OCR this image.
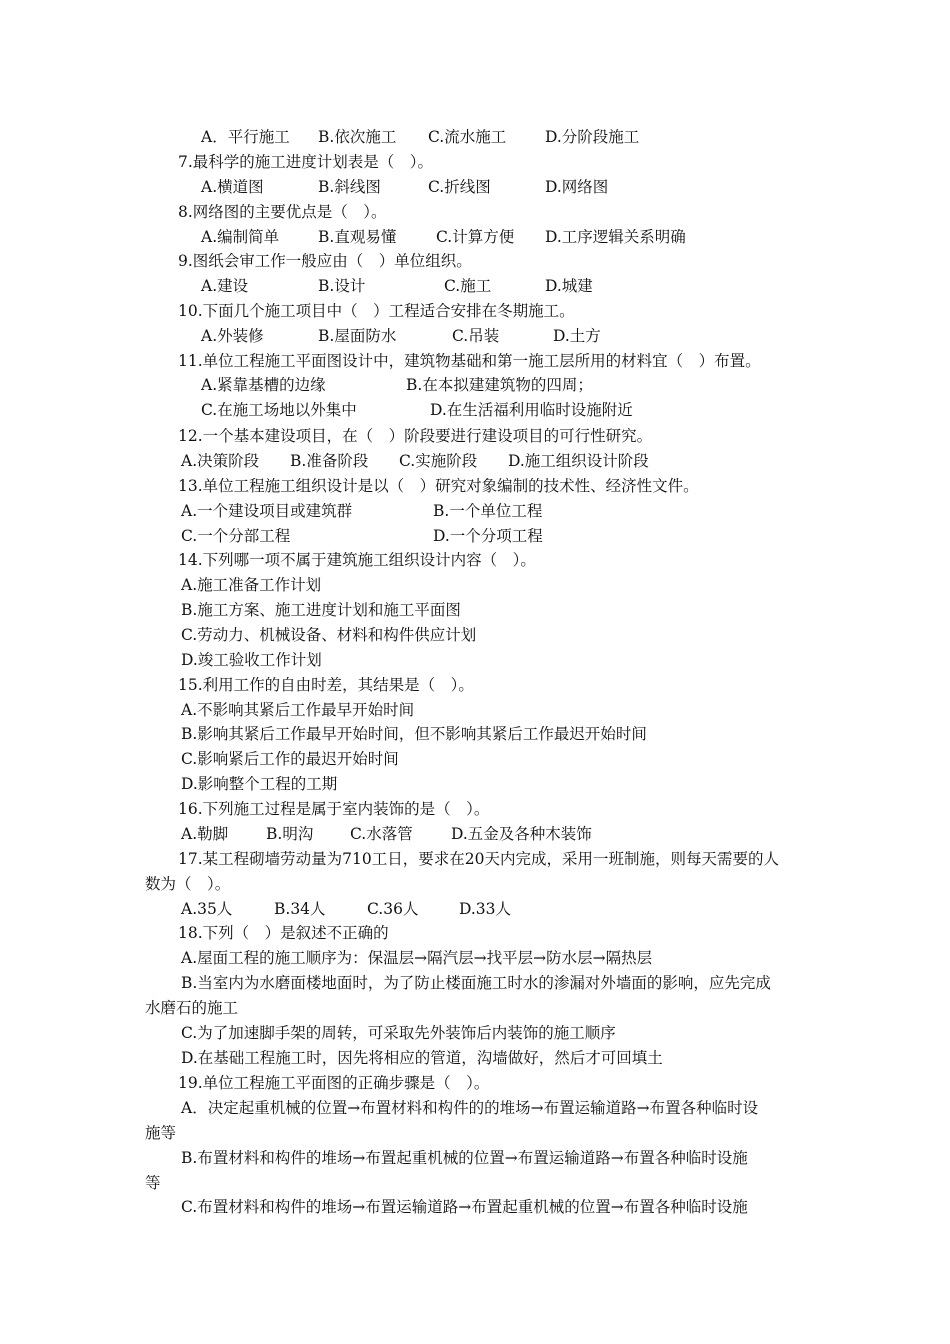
A．平行施工 B.依次施工 C.流水施工	D.分阶段施工
7.最科学的施工进度计划表是（　）。
A.横道图	B.斜线图	C.折线图	D.网络图
8.网络图的主要优点是（　）。
A.编制简单	B.直观易懂	C.计算方便 D.工序逻辑关系明确
9.图纸会审工作一般应由（　）单位组织。
A.建设	B.设计	C.施工	D.城建
10.下面几个施工项目中（　）工程适合安排在冬期施工。
A.外装修	B.屋面防水	C.吊装	D.土方
11.单位工程施工平面图设计中，建筑物基础和第一施工层所用的材料宜（　）布置。
A.紧靠基槽的边缘	B.在本拟建建筑物的四周；
C.在施工场地以外集中	D.在生活福利用临时设施附近
12.一个基本建设项目，在（　）阶段要进行建设项目的可行性研究。
A.决策阶段 B.准备阶段 C.实施阶段 D.施工组织设计阶段
13.单位工程施工组织设计是以（　）研究对象编制的技术性、经济性文件。
A.一个建设项目或建筑群	B.一个单位工程
C.一个分部工程	D.一个分项工程
14.下列哪一项不属于建筑施工组织设计内容（　）。
A.施工准备工作计划
B.施工方案、施工进度计划和施工平面图
C.劳动力、机械设备、材料和构件供应计划
D.竣工验收工作计划
15.利用工作的自由时差，其结果是（　）。
A.不影响其紧后工作最早开始时间
B.影响其紧后工作最早开始时间，但不影响其紧后工作最迟开始时间
C.影响紧后工作的最迟开始时间
D.影响整个工程的工期
16.下列施工过程是属于室内装饰的是（　）。
A.勒脚 B.明沟 C.水落管 D.五金及各种木装饰
17.某工程砌墙劳动量为710工日，要求在20天内完成，采用一班制施，则每天需要的人
数为（　）。
A.35人	B.34人	C.36人	D.33人
18.下列（　）是叙述不正确的
A.屋面工程的施工顺序为：保温层→隔汽层→找平层→防水层→隔热层
B.当室内为水磨面楼地面时，为了防止楼面施工时水的渗漏对外墙面的影响，应先完成
水磨石的施工
C.为了加速脚手架的周转，可采取先外装饰后内装饰的施工顺序
D.在基础工程施工时，因先将相应的管道，沟墙做好，然后才可回填土
19.单位工程施工平面图的正确步骤是（　）。
A．决定起重机械的位置→布置材料和构件的的堆场→布置运输道路→布置各种临时设
施等
B.布置材料和构件的堆场→布置起重机械的位置→布置运输道路→布置各种临时设施
等
C.布置材料和构件的堆场→布置运输道路→布置起重机械的位置→布置各种临时设施
